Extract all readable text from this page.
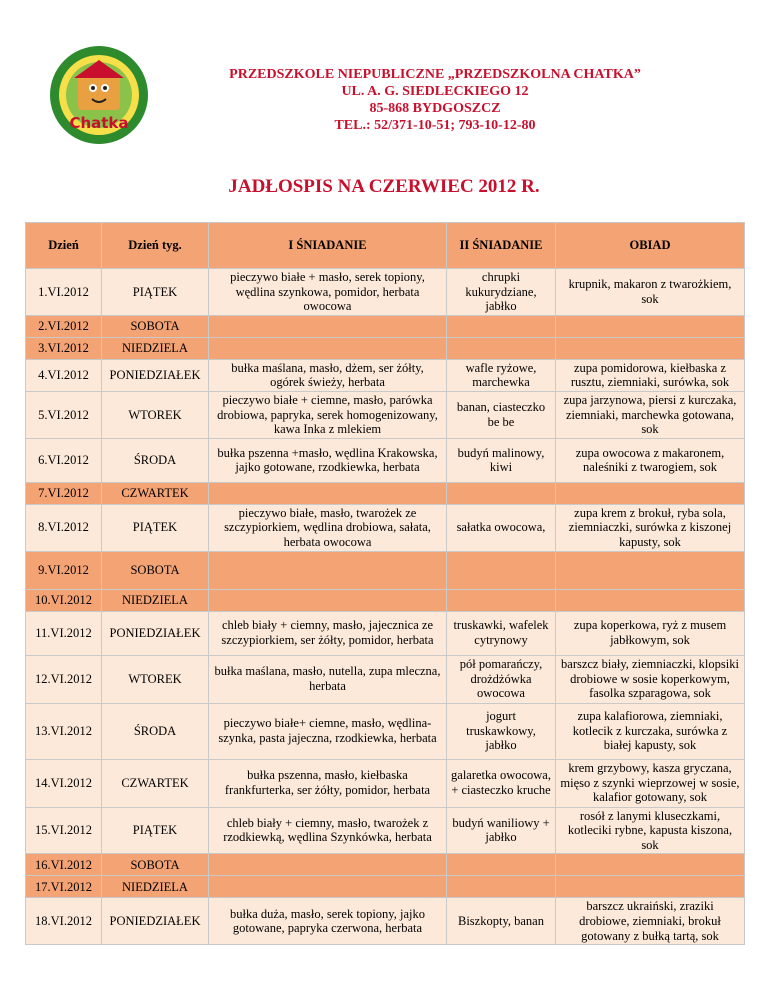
Chatka
PRZEDSZKOLE NIEPUBLICZNE „PRZEDSZKOLNA CHATKA”
UL. A. G. SIEDLECKIEGO 12
85-868 BYDGOSZCZ
TEL.: 52/371-10-51; 793-10-12-80
JADŁOSPIS NA CZERWIEC 2012 R.
Dzień	Dzień tyg.	I ŚNIADANIE	II ŚNIADANIE	OBIAD
1.VI.2012	PIĄTEK	pieczywo białe + masło, serek topiony, wędlina szynkowa, pomidor, herbata owocowa	chrupki kukurydziane, jabłko	krupnik, makaron z twarożkiem, sok
2.VI.2012	SOBOTA			
3.VI.2012	NIEDZIELA			
4.VI.2012	PONIEDZIAŁEK	bułka maślana, masło, dżem, ser żółty, ogórek świeży, herbata	wafle ryżowe, marchewka	zupa pomidorowa, kiełbaska z rusztu, ziemniaki, surówka, sok
5.VI.2012	WTOREK	pieczywo białe + ciemne, masło, parówka drobiowa, papryka, serek homogenizowany, kawa Inka z mlekiem	banan, ciasteczko be be	zupa jarzynowa, piersi z kurczaka, ziemniaki, marchewka gotowana, sok
6.VI.2012	ŚRODA	bułka pszenna +masło, wędlina Krakowska, jajko gotowane, rzodkiewka, herbata	budyń malinowy, kiwi	zupa owocowa z makaronem, naleśniki z twarogiem, sok
7.VI.2012	CZWARTEK			
8.VI.2012	PIĄTEK	pieczywo białe, masło, twarożek ze szczypiorkiem, wędlina drobiowa, sałata, herbata owocowa	sałatka owocowa,	zupa krem z brokuł, ryba sola, ziemniaczki, surówka z kiszonej kapusty, sok
9.VI.2012	SOBOTA			
10.VI.2012	NIEDZIELA			
11.VI.2012	PONIEDZIAŁEK	chleb biały + ciemny, masło, jajecznica ze szczypiorkiem, ser żółty, pomidor, herbata	truskawki, wafelek cytrynowy	zupa koperkowa, ryż z musem jabłkowym, sok
12.VI.2012	WTOREK	bułka maślana, masło, nutella, zupa mleczna, herbata	pół pomarańczy, drożdżówka owocowa	barszcz biały, ziemniaczki, klopsiki drobiowe w sosie koperkowym, fasolka szparagowa, sok
13.VI.2012	ŚRODA	pieczywo białe+ ciemne, masło, wędlina-szynka, pasta jajeczna, rzodkiewka, herbata	jogurt truskawkowy, jabłko	zupa kalafiorowa, ziemniaki, kotlecik z kurczaka, surówka z białej kapusty, sok
14.VI.2012	CZWARTEK	bułka pszenna, masło, kiełbaska frankfurterka, ser żółty, pomidor, herbata	galaretka owocowa, + ciasteczko kruche	krem grzybowy, kasza gryczana, mięso z szynki wieprzowej w sosie, kalafior gotowany, sok
15.VI.2012	PIĄTEK	chleb biały + ciemny, masło, twarożek z rzodkiewką, wędlina Szynkówka, herbata	budyń waniliowy + jabłko	rosół z lanymi kluseczkami, kotleciki rybne, kapusta kiszona, sok
16.VI.2012	SOBOTA			
17.VI.2012	NIEDZIELA			
18.VI.2012	PONIEDZIAŁEK	bułka duża, masło, serek topiony, jajko gotowane, papryka czerwona, herbata	Biszkopty, banan	barszcz ukraiński, zraziki drobiowe, ziemniaki, brokuł gotowany z bułką tartą, sok
